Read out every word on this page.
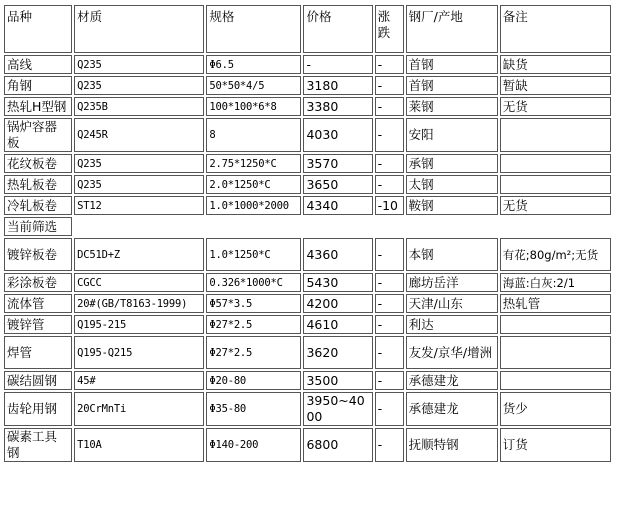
品种	材质	规格	价格	涨跌	钢厂/产地	备注
高线	Q235	Φ6.5	-	-	首钢	缺货
角钢	Q235	50*50*4/5	3180	-	首钢	暂缺
热轧H型钢	Q235B	100*100*6*8	3380	-	莱钢	无货
锅炉容器板	Q245R	8	4030	-	安阳	
花纹板卷	Q235	2.75*1250*C	3570	-	承钢	
热轧板卷	Q235	2.0*1250*C	3650	-	太钢	
冷轧板卷	ST12	1.0*1000*2000	4340	-10	鞍钢	无货
当前筛选						
镀锌板卷	DC51D+Z	1.0*1250*C	4360	-	本钢	有花;80g/m²;无货
彩涂板卷	CGCC	0.326*1000*C	5430	-	廊坊岳洋	海蓝:白灰:2/1
流体管	20#(GB/T8163-1999)	Φ57*3.5	4200	-	天津/山东	热轧管
镀锌管	Q195-215	Φ27*2.5	4610	-	利达	
焊管	Q195-Q215	Φ27*2.5	3620	-	友发/京华/增洲	
碳结圆钢	45#	Φ20-80	3500	-	承德建龙	
齿轮用钢	20CrMnTi	Φ35-80	3950~4000	-	承德建龙	货少
碳素工具钢	T10A	Φ140-200	6800	-	抚顺特钢	订货
